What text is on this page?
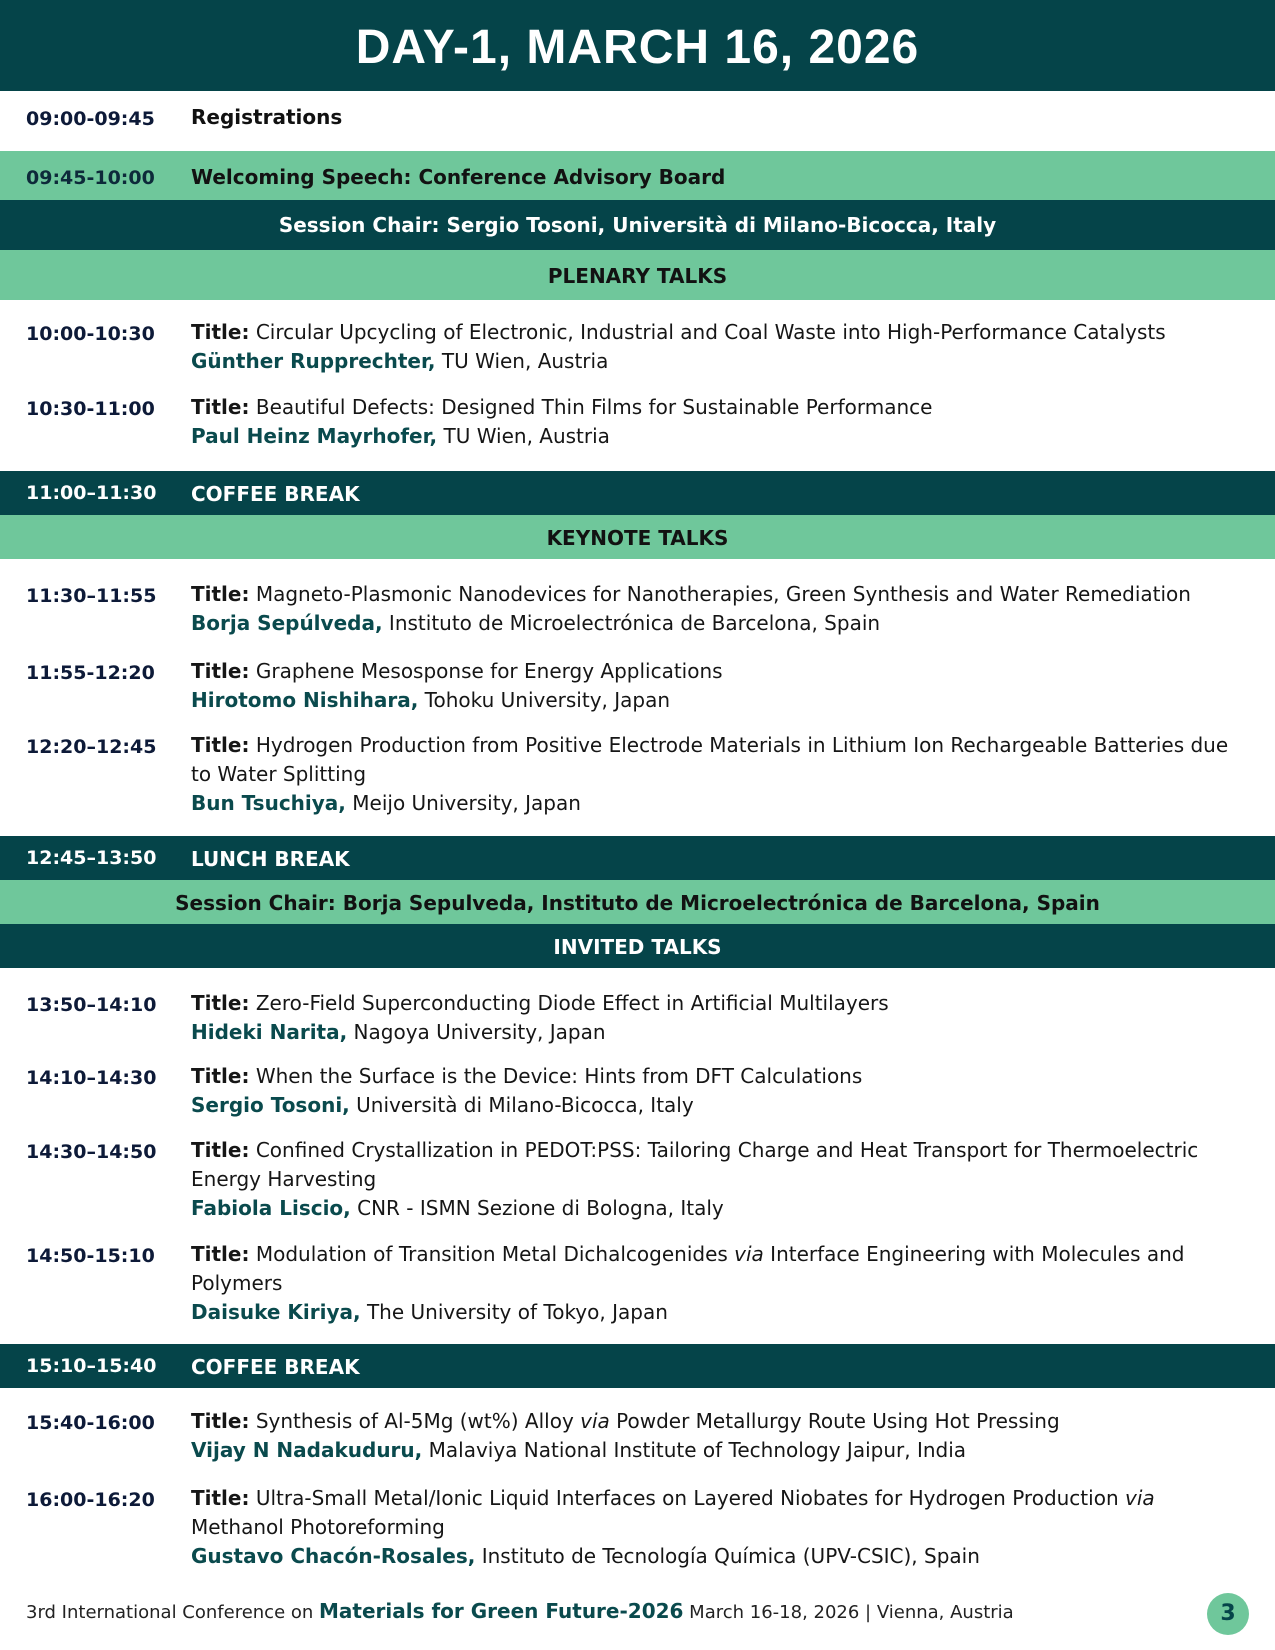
DAY-1, MARCH 16, 2026
09:00-09:45 Registrations
09:45-10:00 Welcoming Speech: Conference Advisory Board
Session Chair: Sergio Tosoni, Università di Milano-Bicocca, Italy
PLENARY TALKS
10:00-10:30 Title: Circular Upcycling of Electronic, Industrial and Coal Waste into High-Performance Catalysts
Günther Rupprechter, TU Wien, Austria
10:30-11:00 Title: Beautiful Defects: Designed Thin Films for Sustainable Performance
Paul Heinz Mayrhofer, TU Wien, Austria
11:00–11:30 COFFEE BREAK
KEYNOTE TALKS
11:30–11:55 Title: Magneto-Plasmonic Nanodevices for Nanotherapies, Green Synthesis and Water Remediation
Borja Sepúlveda, Instituto de Microelectrónica de Barcelona, Spain
11:55-12:20 Title: Graphene Mesosponse for Energy Applications
Hirotomo Nishihara, Tohoku University, Japan
12:20–12:45 Title: Hydrogen Production from Positive Electrode Materials in Lithium Ion Rechargeable Batteries due to Water Splitting
Bun Tsuchiya, Meijo University, Japan
12:45–13:50 LUNCH BREAK
Session Chair: Borja Sepulveda, Instituto de Microelectrónica de Barcelona, Spain
INVITED TALKS
13:50–14:10 Title: Zero-Field Superconducting Diode Effect in Artificial Multilayers
Hideki Narita, Nagoya University, Japan
14:10–14:30 Title: When the Surface is the Device: Hints from DFT Calculations
Sergio Tosoni, Università di Milano-Bicocca, Italy
14:30–14:50 Title: Confined Crystallization in PEDOT:PSS: Tailoring Charge and Heat Transport for Thermoelectric Energy Harvesting
Fabiola Liscio, CNR - ISMN Sezione di Bologna, Italy
14:50-15:10 Title: Modulation of Transition Metal Dichalcogenides via Interface Engineering with Molecules and Polymers
Daisuke Kiriya, The University of Tokyo, Japan
15:10–15:40 COFFEE BREAK
15:40-16:00 Title: Synthesis of Al-5Mg (wt%) Alloy via Powder Metallurgy Route Using Hot Pressing
Vijay N Nadakuduru, Malaviya National Institute of Technology Jaipur, India
16:00-16:20 Title: Ultra-Small Metal/Ionic Liquid Interfaces on Layered Niobates for Hydrogen Production via Methanol Photoreforming
Gustavo Chacón-Rosales, Instituto de Tecnología Química (UPV-CSIC), Spain
3rd International Conference on Materials for Green Future-2026 March 16-18, 2026 | Vienna, Austria	3
